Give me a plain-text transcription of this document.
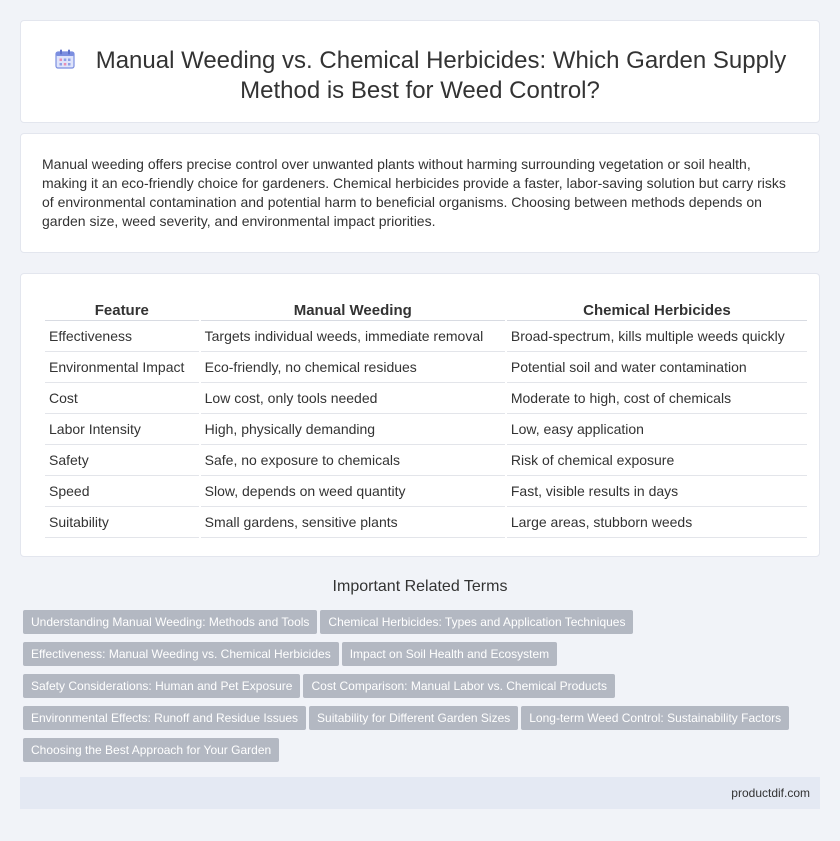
Manual Weeding vs. Chemical Herbicides: Which Garden Supply Method is Best for Weed Control?

Manual weeding offers precise control over unwanted plants without harming surrounding vegetation or soil health, making it an eco-friendly choice for gardeners. Chemical herbicides provide a faster, labor-saving solution but carry risks of environmental contamination and potential harm to beneficial organisms. Choosing between methods depends on garden size, weed severity, and environmental impact priorities.

Feature	Manual Weeding	Chemical Herbicides
Effectiveness	Targets individual weeds, immediate removal	Broad-spectrum, kills multiple weeds quickly
Environmental Impact	Eco-friendly, no chemical residues	Potential soil and water contamination
Cost	Low cost, only tools needed	Moderate to high, cost of chemicals
Labor Intensity	High, physically demanding	Low, easy application
Safety	Safe, no exposure to chemicals	Risk of chemical exposure
Speed	Slow, depends on weed quantity	Fast, visible results in days
Suitability	Small gardens, sensitive plants	Large areas, stubborn weeds
Important Related Terms
Understanding Manual Weeding: Methods and Tools Chemical Herbicides: Types and Application Techniques
Effectiveness: Manual Weeding vs. Chemical Herbicides Impact on Soil Health and Ecosystem
Safety Considerations: Human and Pet Exposure Cost Comparison: Manual Labor vs. Chemical Products
Environmental Effects: Runoff and Residue Issues Suitability for Different Garden Sizes Long-term Weed Control: Sustainability Factors
Choosing the Best Approach for Your Garden
productdif.com
